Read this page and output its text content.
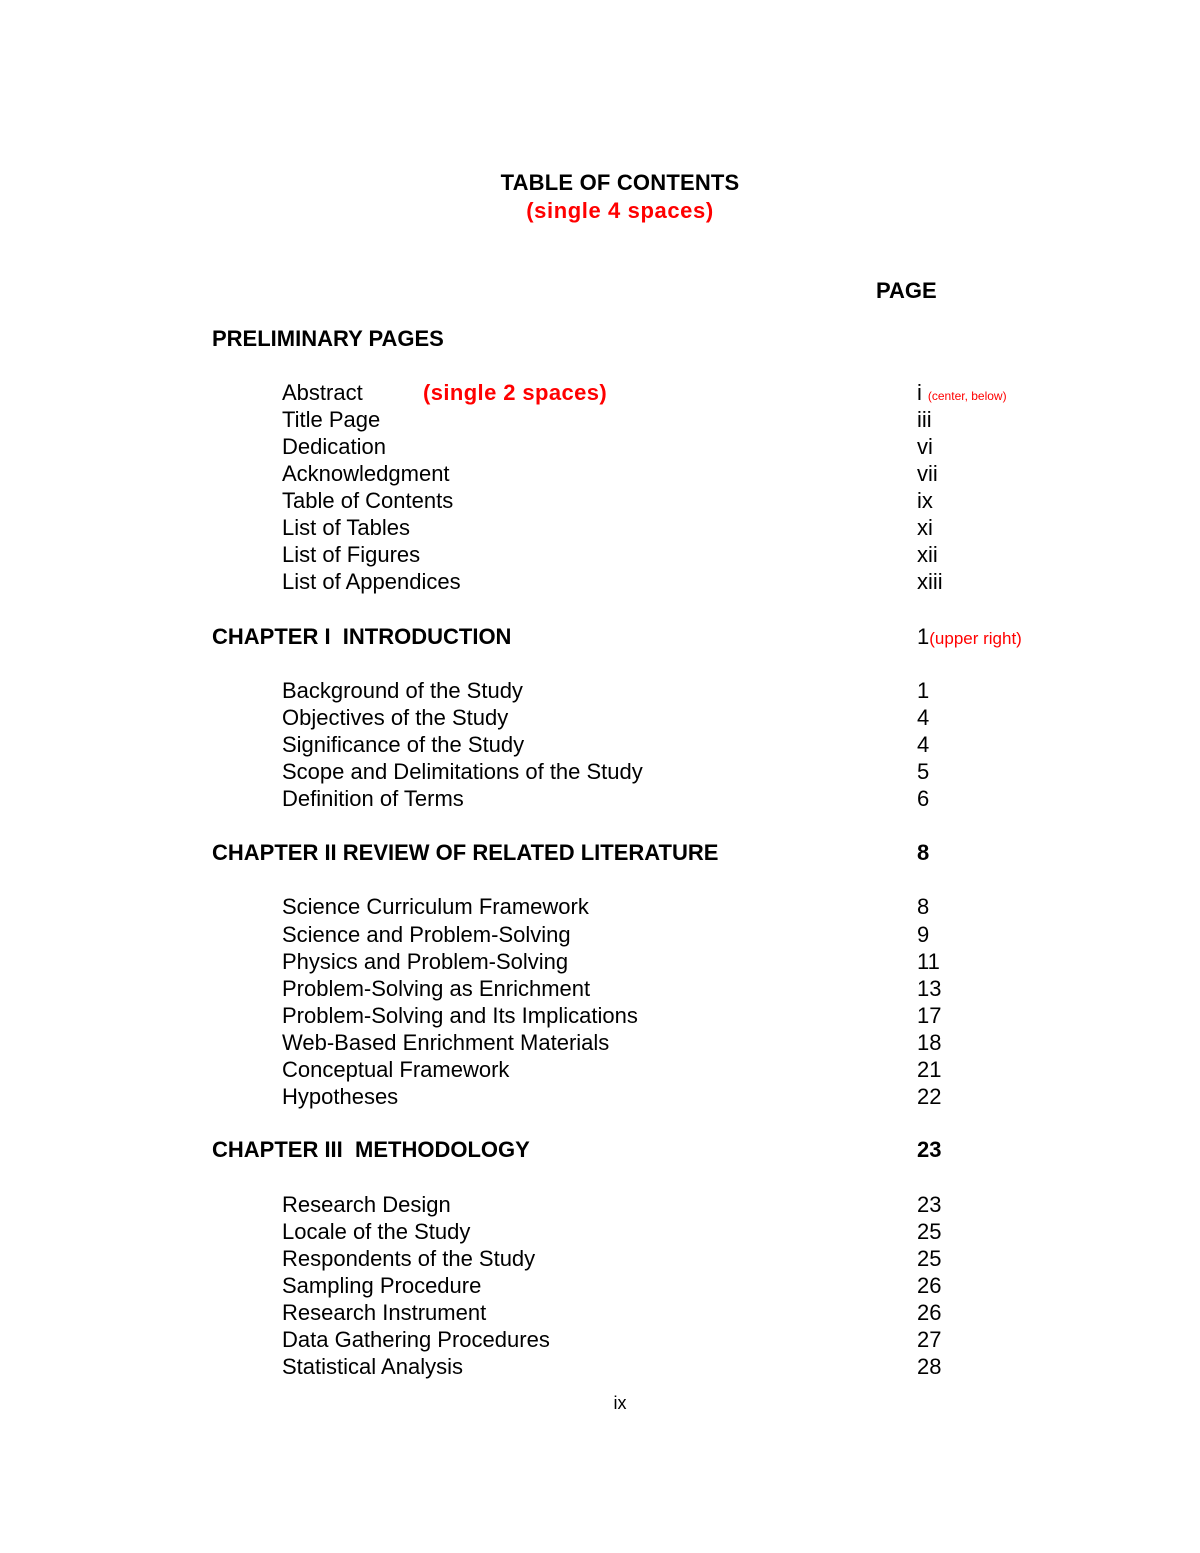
TABLE OF CONTENTS
(single 4 spaces)
PAGE
PRELIMINARY PAGES
(single 2 spaces)
Abstract	i (center, below)
Title Page	iii
Dedication	vi
Acknowledgment	vii
Table of Contents	ix
List of Tables	xi
List of Figures	xii
List of Appendices	xiii
CHAPTER I  INTRODUCTION	1(upper right)
Background of the Study	1
Objectives of the Study	4
Significance of the Study	4
Scope and Delimitations of the Study	5
Definition of Terms	6
CHAPTER II REVIEW OF RELATED LITERATURE	8
Science Curriculum Framework	8
Science and Problem-Solving	9
Physics and Problem-Solving	11
Problem-Solving as Enrichment	13
Problem-Solving and Its Implications	17
Web-Based Enrichment Materials	18
Conceptual Framework	21
Hypotheses	22
CHAPTER III  METHODOLOGY	23
Research Design	23
Locale of the Study	25
Respondents of the Study	25
Sampling Procedure	26
Research Instrument	26
Data Gathering Procedures	27
Statistical Analysis	28
ix
